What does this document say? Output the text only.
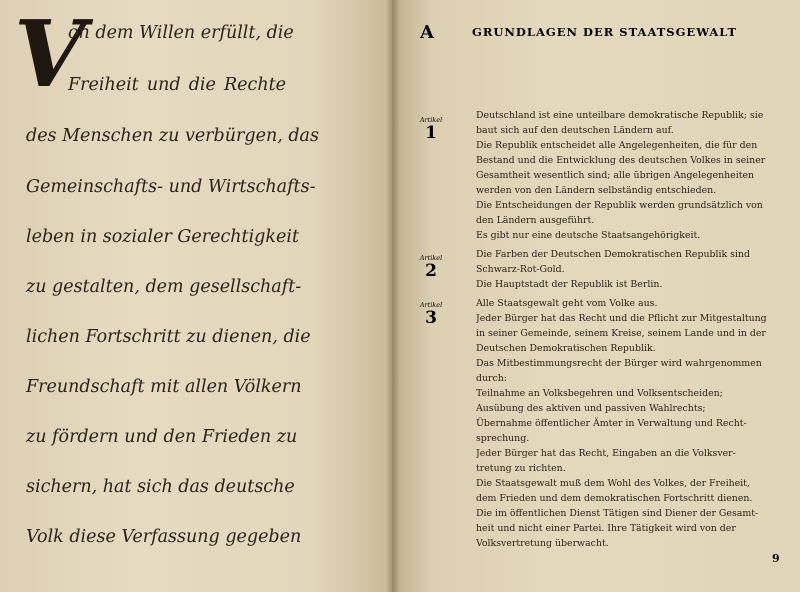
V
on dem Willen erfüllt, die
Freiheit und die Rechte
des Menschen zu verbürgen, das
Gemeinschafts- und Wirtschafts-
leben in sozialer Gerechtigkeit
zu gestalten, dem gesellschaft-
lichen Fortschritt zu dienen, die
Freundschaft mit allen Völkern
zu fördern und den Frieden zu
sichern, hat sich das deutsche
Volk diese Verfassung gegeben
A	GRUNDLAGEN DER STAATSGEWALT
Artikel
1
Deutschland ist eine unteilbare demokratische Republik; sie
baut sich auf den deutschen Ländern auf.
Die Republik entscheidet alle Angelegenheiten, die für den
Bestand und die Entwicklung des deutschen Volkes in seiner
Gesamtheit wesentlich sind; alle übrigen Angelegenheiten
werden von den Ländern selbständig entschieden.
Die Entscheidungen der Republik werden grundsätzlich von
den Ländern ausgeführt.
Es gibt nur eine deutsche Staatsangehörigkeit.
Artikel
2
Die Farben der Deutschen Demokratischen Republik sind
Schwarz-Rot-Gold.
Die Hauptstadt der Republik ist Berlin.
Artikel
3
Alle Staatsgewalt geht vom Volke aus.
Jeder Bürger hat das Recht und die Pflicht zur Mitgestaltung
in seiner Gemeinde, seinem Kreise, seinem Lande und in der
Deutschen Demokratischen Republik.
Das Mitbestimmungsrecht der Bürger wird wahrgenommen
durch:
Teilnahme an Volksbegehren und Volksentscheiden;
Ausübung des aktiven und passiven Wahlrechts;
Übernahme öffentlicher Ämter in Verwaltung und Recht-
sprechung.
Jeder Bürger hat das Recht, Eingaben an die Volksver-
tretung zu richten.
Die Staatsgewalt muß dem Wohl des Volkes, der Freiheit,
dem Frieden und dem demokratischen Fortschritt dienen.
Die im öffentlichen Dienst Tätigen sind Diener der Gesamt-
heit und nicht einer Partei. Ihre Tätigkeit wird von der
Volksvertretung überwacht.
9
